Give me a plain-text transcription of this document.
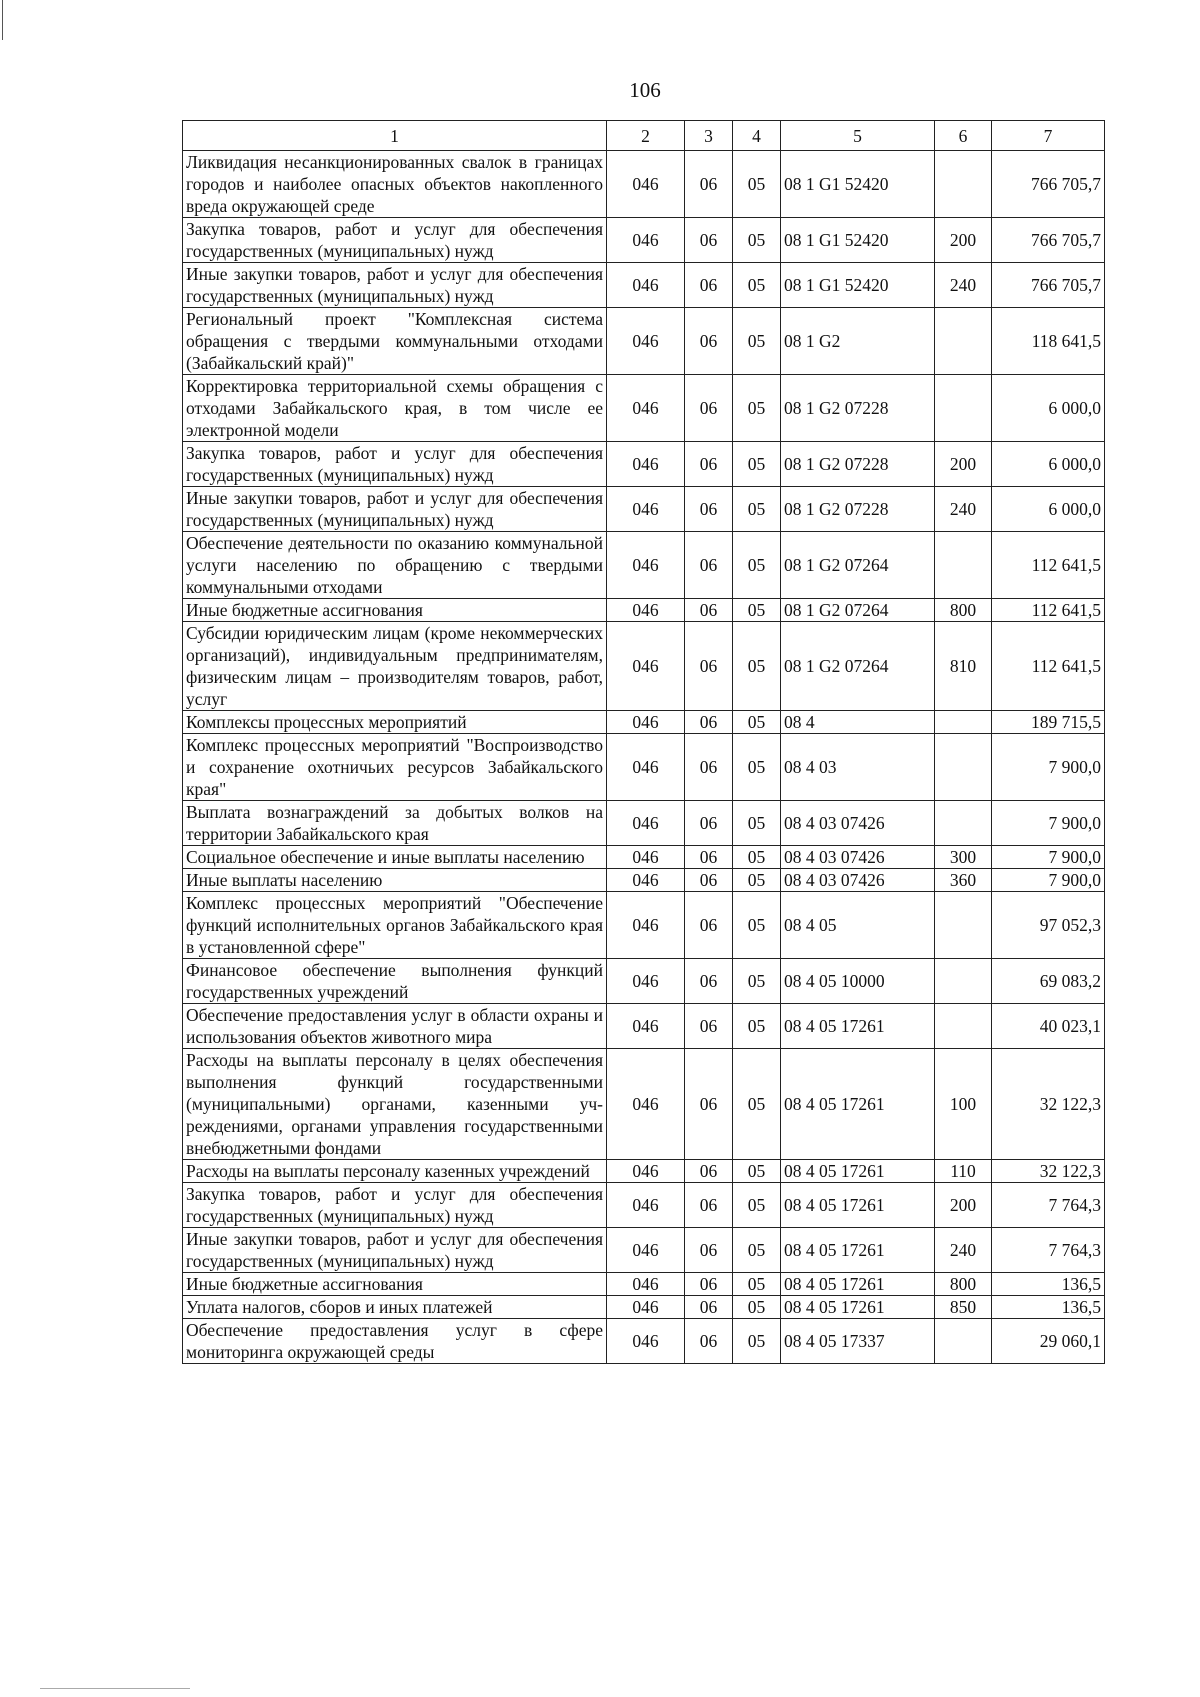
106
1	2	3	4	5	6	7
Ликвидация несанкционированных свалок в границах городов и наиболее опасных объектов накопленного вреда окружающей среде	046	06	05	08 1 G1 52420		766 705,7
Закупка товаров, работ и услуг для обеспечения государственных (муниципальных) нужд	046	06	05	08 1 G1 52420	200	766 705,7
Иные закупки товаров, работ и услуг для обеспечения государственных (муниципальных) нужд	046	06	05	08 1 G1 52420	240	766 705,7
Региональный проект "Комплексная система обращения с твердыми коммунальными отходами (Забайкальский край)"	046	06	05	08 1 G2		118 641,5
Корректировка территориальной схемы обращения с отходами Забайкальского края, в том числе ее электронной модели	046	06	05	08 1 G2 07228		6 000,0
Закупка товаров, работ и услуг для обеспечения государственных (муниципальных) нужд	046	06	05	08 1 G2 07228	200	6 000,0
Иные закупки товаров, работ и услуг для обеспечения государственных (муниципальных) нужд	046	06	05	08 1 G2 07228	240	6 000,0
Обеспечение деятельности по оказанию коммунальной услуги населению по обращению с твердыми коммунальными отходами	046	06	05	08 1 G2 07264		112 641,5
Иные бюджетные ассигнования	046	06	05	08 1 G2 07264	800	112 641,5
Субсидии юридическим лицам (кроме некоммерческих организаций), индивидуальным предпринимателям, физическим лицам – производителям товаров, работ, услуг	046	06	05	08 1 G2 07264	810	112 641,5
Комплексы процессных мероприятий	046	06	05	08 4		189 715,5
Комплекс процессных мероприятий "Воспроизводство и сохранение охотничьих ресурсов Забайкальского края"	046	06	05	08 4 03		7 900,0
Выплата вознаграждений за добытых волков на территории Забайкальского края	046	06	05	08 4 03 07426		7 900,0
Социальное обеспечение и иные выплаты населению	046	06	05	08 4 03 07426	300	7 900,0
Иные выплаты населению	046	06	05	08 4 03 07426	360	7 900,0
Комплекс процессных мероприятий "Обеспечение функций исполнительных органов Забайкальского края в установленной сфере"	046	06	05	08 4 05		97 052,3
Финансовое обеспечение выполнения функций государственных учреждений	046	06	05	08 4 05 10000		69 083,2
Обеспечение предоставления услуг в области охраны и использования объектов животного мира	046	06	05	08 4 05 17261		40 023,1
Расходы на выплаты персоналу в целях обеспечения выполнения функций государственными (муниципальными) органами, казенными учреждениями, органами управления государственными внебюджетными фондами	046	06	05	08 4 05 17261	100	32 122,3
Расходы на выплаты персоналу казенных учреждений	046	06	05	08 4 05 17261	110	32 122,3
Закупка товаров, работ и услуг для обеспечения государственных (муниципальных) нужд	046	06	05	08 4 05 17261	200	7 764,3
Иные закупки товаров, работ и услуг для обеспечения государственных (муниципальных) нужд	046	06	05	08 4 05 17261	240	7 764,3
Иные бюджетные ассигнования	046	06	05	08 4 05 17261	800	136,5
Уплата налогов, сборов и иных платежей	046	06	05	08 4 05 17261	850	136,5
Обеспечение предоставления услуг в сфере мониторинга окружающей среды	046	06	05	08 4 05 17337		29 060,1
